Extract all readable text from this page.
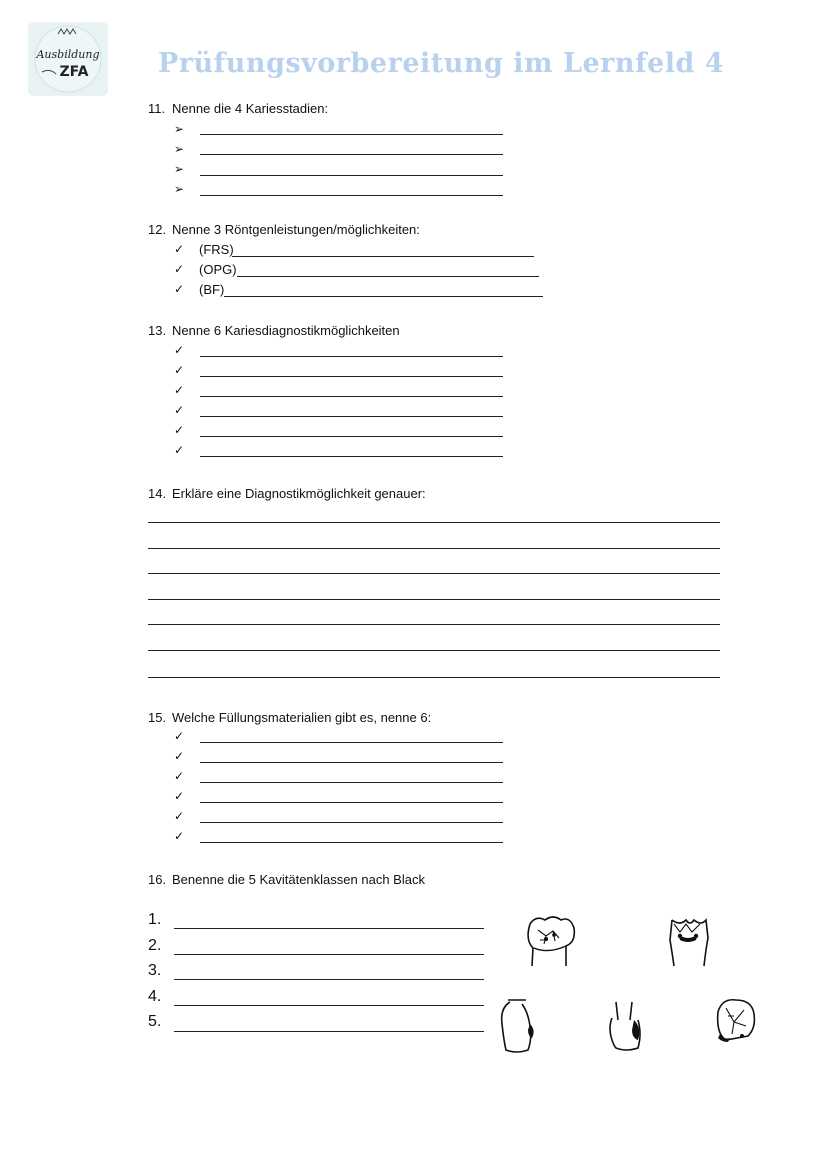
Ausbildung
ZFA	Prüfungsvorbereitung im Lernfeld 4
11. Nenne die 4 Kariesstadien:
➢
➢
➢
➢
12. Nenne 3 Röntgenleistungen/möglichkeiten:
✓ (FRS)
✓ (OPG)
✓ (BF)
13. Nenne 6 Kariesdiagnostikmöglichkeiten
✓
✓
✓
✓
✓
✓
14. Erkläre eine Diagnostikmöglichkeit genauer:
15. Welche Füllungsmaterialien gibt es, nenne 6:
✓
✓
✓
✓
✓
✓
16. Benenne die 5 Kavitätenklassen nach Black
1.
2.
3.
4.
5.
